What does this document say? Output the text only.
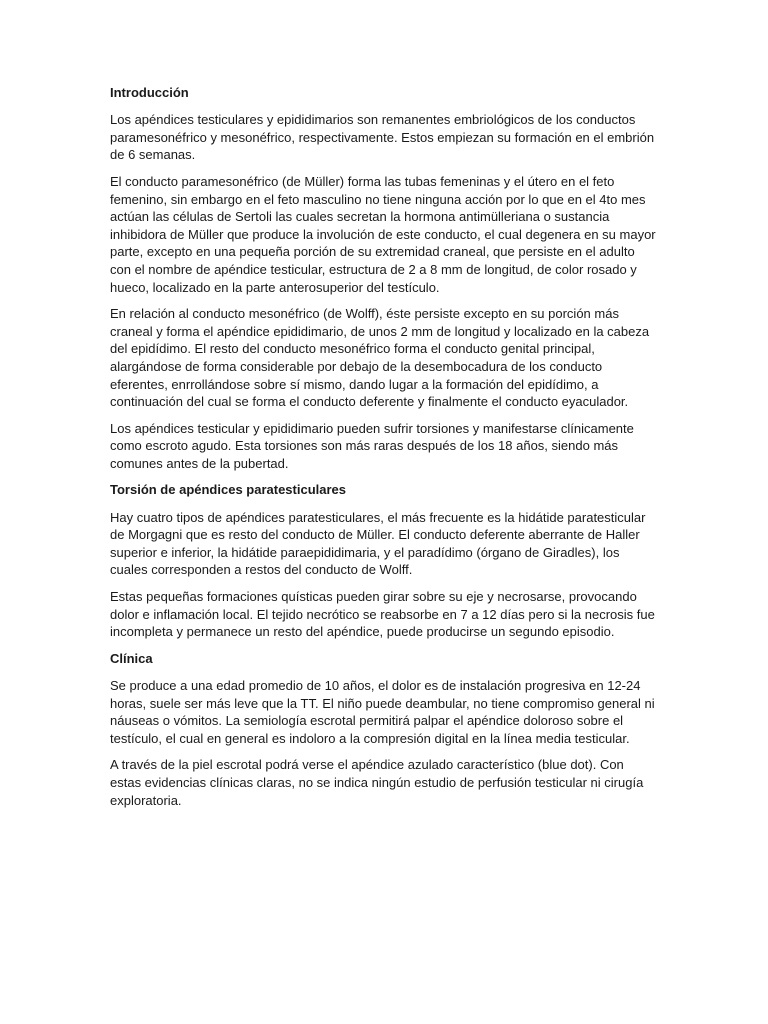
Introducción

Los apéndices testiculares y epididimarios son remanentes embriológicos de los conductos paramesonéfrico y mesonéfrico, respectivamente. Estos empiezan su formación en el embrión de 6 semanas.

El conducto paramesonéfrico (de Müller) forma las tubas femeninas y el útero en el feto femenino, sin embargo en el feto masculino no tiene ninguna acción por lo que en el 4to mes actúan las células de Sertoli las cuales secretan la hormona antimülleriana o sustancia inhibidora de Müller que produce la involución de este conducto, el cual degenera en su mayor parte, excepto en una pequeña porción de su extremidad craneal, que persiste en el adulto con el nombre de apéndice testicular, estructura de 2 a 8 mm de longitud, de color rosado y hueco, localizado en la parte anterosuperior del testículo.

En relación al conducto mesonéfrico (de Wolff), éste persiste excepto en su porción más craneal y forma el apéndice epididimario, de unos 2 mm de longitud y localizado en la cabeza del epidídimo. El resto del conducto mesonéfrico forma el conducto genital principal, alargándose de forma considerable por debajo de la desembocadura de los conducto eferentes, enrrollándose sobre sí mismo, dando lugar a la formación del epidídimo, a continuación del cual se forma el conducto deferente y finalmente el conducto eyaculador.

Los apéndices testicular y epididimario pueden sufrir torsiones y manifestarse clínicamente como escroto agudo. Esta torsiones son más raras después de los 18 años, siendo más comunes antes de la pubertad.

Torsión de apéndices paratesticulares

Hay cuatro tipos de apéndices paratesticulares, el más frecuente es la hidátide paratesticular de Morgagni que es resto del conducto de Müller. El conducto deferente aberrante de Haller superior e inferior, la hidátide paraepididimaria, y el paradídimo (órgano de Giradles), los cuales corresponden a restos del conducto de Wolff.

Estas pequeñas formaciones quísticas pueden girar sobre su eje y necrosarse, provocando dolor e inflamación local. El tejido necrótico se reabsorbe en 7 a 12 días pero si la necrosis fue incompleta y permanece un resto del apéndice, puede producirse un segundo episodio.

Clínica

Se produce a una edad promedio de 10 años, el dolor es de instalación progresiva en 12-24 horas, suele ser más leve que la TT. El niño puede deambular, no tiene compromiso general ni náuseas o vómitos. La semiología escrotal permitirá palpar el apéndice doloroso sobre el testículo, el cual en general es indoloro a la compresión digital en la línea media testicular.

A través de la piel escrotal podrá verse el apéndice azulado característico (blue dot). Con estas evidencias clínicas claras, no se indica ningún estudio de perfusión testicular ni cirugía exploratoria.
